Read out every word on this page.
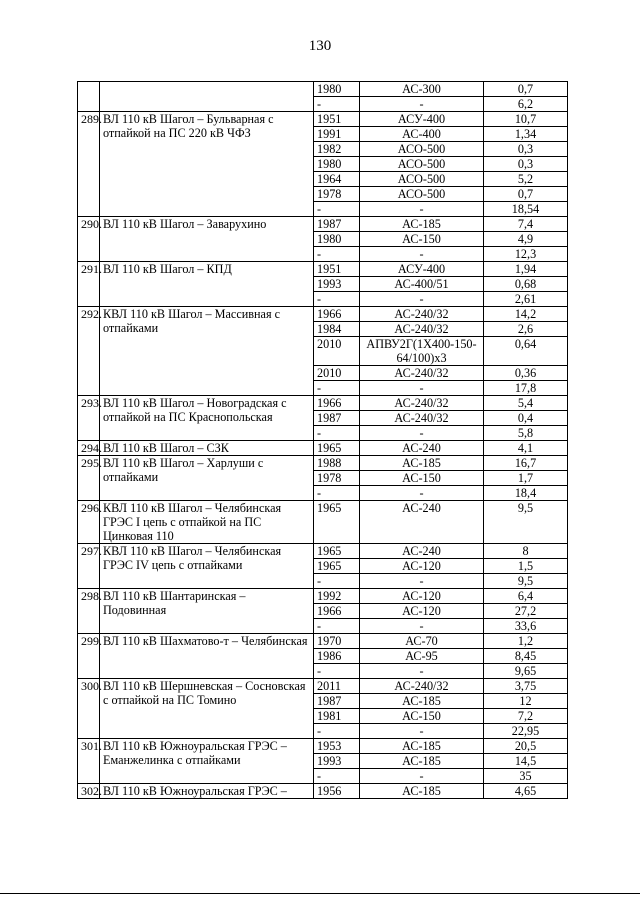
130
		1980	АС-300	0,7
		-	-	6,2
289.	ВЛ 110 кВ Шагол – Бульварная с отпайкой на ПС 220 кВ ЧФЗ	1951	АСУ-400	10,7
		1991	АС-400	1,34
		1982	АСО-500	0,3
		1980	АСО-500	0,3
		1964	АСО-500	5,2
		1978	АСО-500	0,7
		-	-	18,54
290.	ВЛ 110 кВ Шагол – Заварухино	1987	АС-185	7,4
		1980	АС-150	4,9
		-	-	12,3
291.	ВЛ 110 кВ Шагол – КПД	1951	АСУ-400	1,94
		1993	АС-400/51	0,68
		-	-	2,61
292.	КВЛ 110 кВ Шагол – Массивная с отпайками	1966	АС-240/32	14,2
		1984	АС-240/32	2,6
		2010	АПВУ2Г(1Х400-150-64/100)х3	0,64
		2010	АС-240/32	0,36
		-	-	17,8
293.	ВЛ 110 кВ Шагол – Новоградская с отпайкой на ПС Краснопольская	1966	АС-240/32	5,4
		1987	АС-240/32	0,4
		-	-	5,8
294.	ВЛ 110 кВ Шагол – СЗК	1965	АС-240	4,1
295.	ВЛ 110 кВ Шагол – Харлуши с отпайками	1988	АС-185	16,7
		1978	АС-150	1,7
		-	-	18,4
296.	КВЛ 110 кВ Шагол – Челябинская ГРЭС I цепь с отпайкой на ПС Цинковая 110	1965	АС-240	9,5
297.	КВЛ 110 кВ Шагол – Челябинская ГРЭС IV цепь с отпайками	1965	АС-240	8
		1965	АС-120	1,5
		-	-	9,5
298.	ВЛ 110 кВ Шантаринская – Подовинная	1992	АС-120	6,4
		1966	АС-120	27,2
		-	-	33,6
299.	ВЛ 110 кВ Шахматово-т – Челябинская	1970	АС-70	1,2
		1986	АС-95	8,45
		-	-	9,65
300.	ВЛ 110 кВ Шершневская – Сосновская с отпайкой на ПС Томино	2011	АС-240/32	3,75
		1987	АС-185	12
		1981	АС-150	7,2
		-	-	22,95
301.	ВЛ 110 кВ Южноуральская ГРЭС – Еманжелинка с отпайками	1953	АС-185	20,5
		1993	АС-185	14,5
		-	-	35
302.	ВЛ 110 кВ Южноуральская ГРЭС –	1956	АС-185	4,65
